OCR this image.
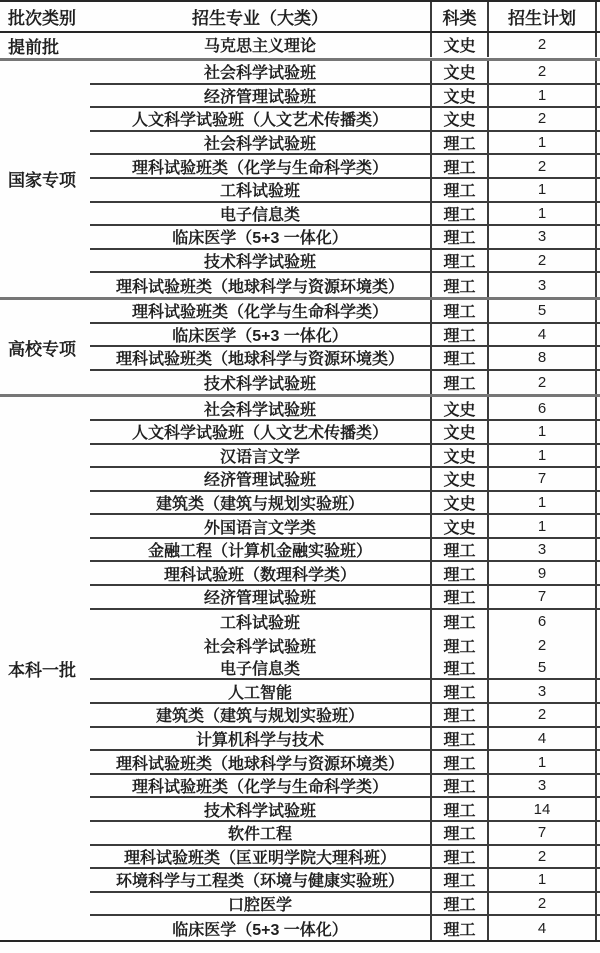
批次类别	招生专业（大类）	科类	招生计划
提前批	马克思主义理论	文史	2
国家专项
社会科学试验班	文史	2
经济管理试验班	文史	1
人文科学试验班（人文艺术传播类）	文史	2
社会科学试验班	理工	1
理科试验班类（化学与生命科学类）	理工	2
工科试验班	理工	1
电子信息类	理工	1
临床医学（5+3 一体化）	理工	3
技术科学试验班	理工	2
理科试验班类（地球科学与资源环境类）	理工	3
高校专项
理科试验班类（化学与生命科学类）	理工	5
临床医学（5+3 一体化）	理工	4
理科试验班类（地球科学与资源环境类）	理工	8
技术科学试验班	理工	2
本科一批
社会科学试验班	文史	6
人文科学试验班（人文艺术传播类）	文史	1
汉语言文学	文史	1
经济管理试验班	文史	7
建筑类（建筑与规划实验班）	文史	1
外国语言文学类	文史	1
金融工程（计算机金融实验班）	理工	3
理科试验班（数理科学类）	理工	9
经济管理试验班	理工	7
工科试验班	理工	6
社会科学试验班	理工	2
电子信息类	理工	5
人工智能	理工	3
建筑类（建筑与规划实验班）	理工	2
计算机科学与技术	理工	4
理科试验班类（地球科学与资源环境类）	理工	1
理科试验班类（化学与生命科学类）	理工	3
技术科学试验班	理工	14
软件工程	理工	7
理科试验班类（匡亚明学院大理科班）	理工	2
环境科学与工程类（环境与健康实验班）	理工	1
口腔医学	理工	2
临床医学（5+3 一体化）	理工	4
